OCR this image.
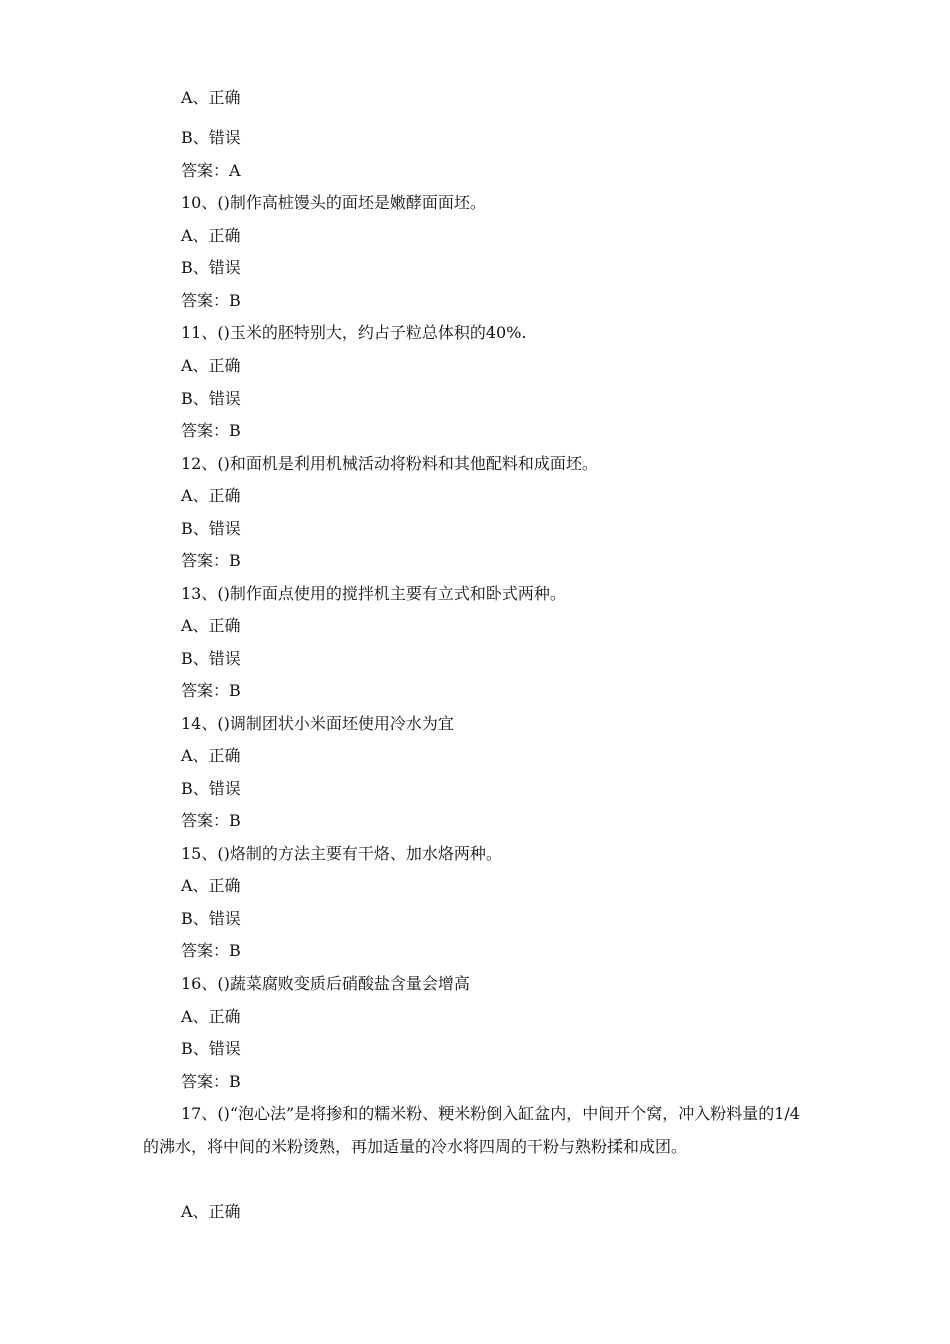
A、正确
B、错误
答案：A
10、()制作高桩馒头的面坯是嫩酵面面坯。
A、正确
B、错误
答案：B
11、()玉米的胚特别大，约占子粒总体积的40%.
A、正确
B、错误
答案：B
12、()和面机是利用机械活动将粉料和其他配料和成面坯。
A、正确
B、错误
答案：B
13、()制作面点使用的搅拌机主要有立式和卧式两种。
A、正确
B、错误
答案：B
14、()调制团状小米面坯使用冷水为宜
A、正确
B、错误
答案：B
15、()烙制的方法主要有干烙、加水烙两种。
A、正确
B、错误
答案：B
16、()蔬菜腐败变质后硝酸盐含量会增高
A、正确
B、错误
答案：B
17、()“泡心法”是将掺和的糯米粉、粳米粉倒入缸盆内，中间开个窝，冲入粉料量的1/4的沸水，将中间的米粉烫熟，再加适量的冷水将四周的干粉与熟粉揉和成团。
A、正确
